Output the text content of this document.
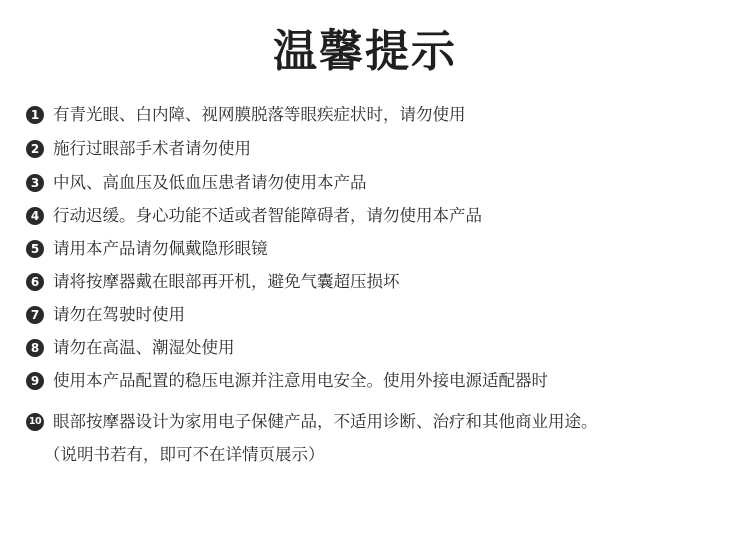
温馨提示
1 有青光眼、白内障、视网膜脱落等眼疾症状时，请勿使用
2 施行过眼部手术者请勿使用
3 中风、高血压及低血压患者请勿使用本产品
4 行动迟缓。身心功能不适或者智能障碍者，请勿使用本产品
5 请用本产品请勿佩戴隐形眼镜
6 请将按摩器戴在眼部再开机，避免气囊超压损坏
7 请勿在驾驶时使用
8 请勿在高温、潮湿处使用
9 使用本产品配置的稳压电源并注意用电安全。使用外接电源适配器时
10 眼部按摩器设计为家用电子保健产品，不适用诊断、治疗和其他商业用途。
（说明书若有，即可不在详情页展示）
